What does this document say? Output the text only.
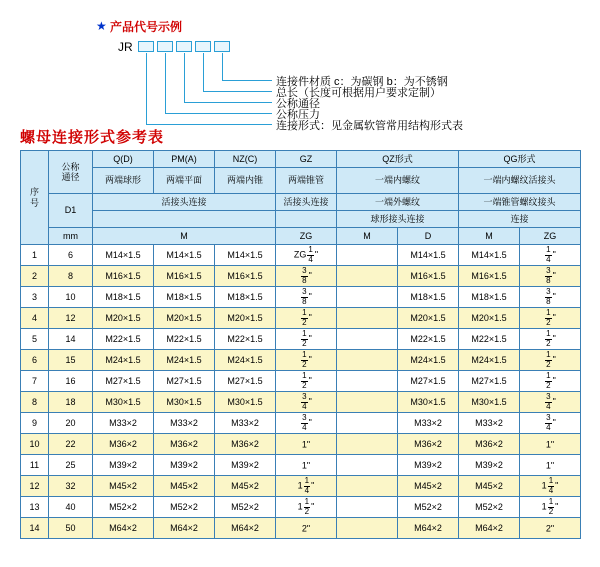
★ 产品代号示例
JR
连接件材质 c：为碳钢 b：为不锈钢
总长（长度可根据用户要求定制）
公称通径
公称压力
连接形式：见金属软管常用结构形式表
螺母连接形式参考表
序
号	公称
通径	Q(D)	PM(A)	NZ(C)	GZ	QZ形式		QG形式	
		两端球形	两端平面	两端内锥	两端锥管	一端内螺纹		一端内螺纹活接头	
	D1	活接头连接			活接头连接	一端外螺纹		一端锥管螺纹接头	
						球形接头连接		连接	
	mm	M			ZG	M	D	M	ZG
1	6	M14×1.5	M14×1.5	M14×1.5	ZG $\frac{1}{4}$ "		M14×1.5	M14×1.5	$\frac{1}{4}$ "
2	8	M16×1.5	M16×1.5	M16×1.5	$\frac{3}{8}$ "		M16×1.5	M16×1.5	$\frac{3}{8}$ "
3	10	M18×1.5	M18×1.5	M18×1.5	$\frac{3}{8}$ "		M18×1.5	M18×1.5	$\frac{3}{8}$ "
4	12	M20×1.5	M20×1.5	M20×1.5	$\frac{1}{2}$ "		M20×1.5	M20×1.5	$\frac{1}{2}$ "
5	14	M22×1.5	M22×1.5	M22×1.5	$\frac{1}{2}$ "		M22×1.5	M22×1.5	$\frac{1}{2}$ "
6	15	M24×1.5	M24×1.5	M24×1.5	$\frac{1}{2}$ "		M24×1.5	M24×1.5	$\frac{1}{2}$ "
7	16	M27×1.5	M27×1.5	M27×1.5	$\frac{1}{2}$ "		M27×1.5	M27×1.5	$\frac{1}{2}$ "
8	18	M30×1.5	M30×1.5	M30×1.5	$\frac{3}{4}$ "		M30×1.5	M30×1.5	$\frac{3}{4}$ "
9	20	M33×2	M33×2	M33×2	$\frac{3}{4}$ "		M33×2	M33×2	$\frac{3}{4}$ "
10	22	M36×2	M36×2	M36×2	1"		M36×2	M36×2	1"
11	25	M39×2	M39×2	M39×2	1"		M39×2	M39×2	1"
12	32	M45×2	M45×2	M45×2	$1 \frac{1}{4}$ "		M45×2	M45×2	$1 \frac{1}{4}$ "
13	40	M52×2	M52×2	M52×2	$1 \frac{1}{2}$ "		M52×2	M52×2	$1 \frac{1}{2}$ "
14	50	M64×2	M64×2	M64×2	2"		M64×2	M64×2	2"
